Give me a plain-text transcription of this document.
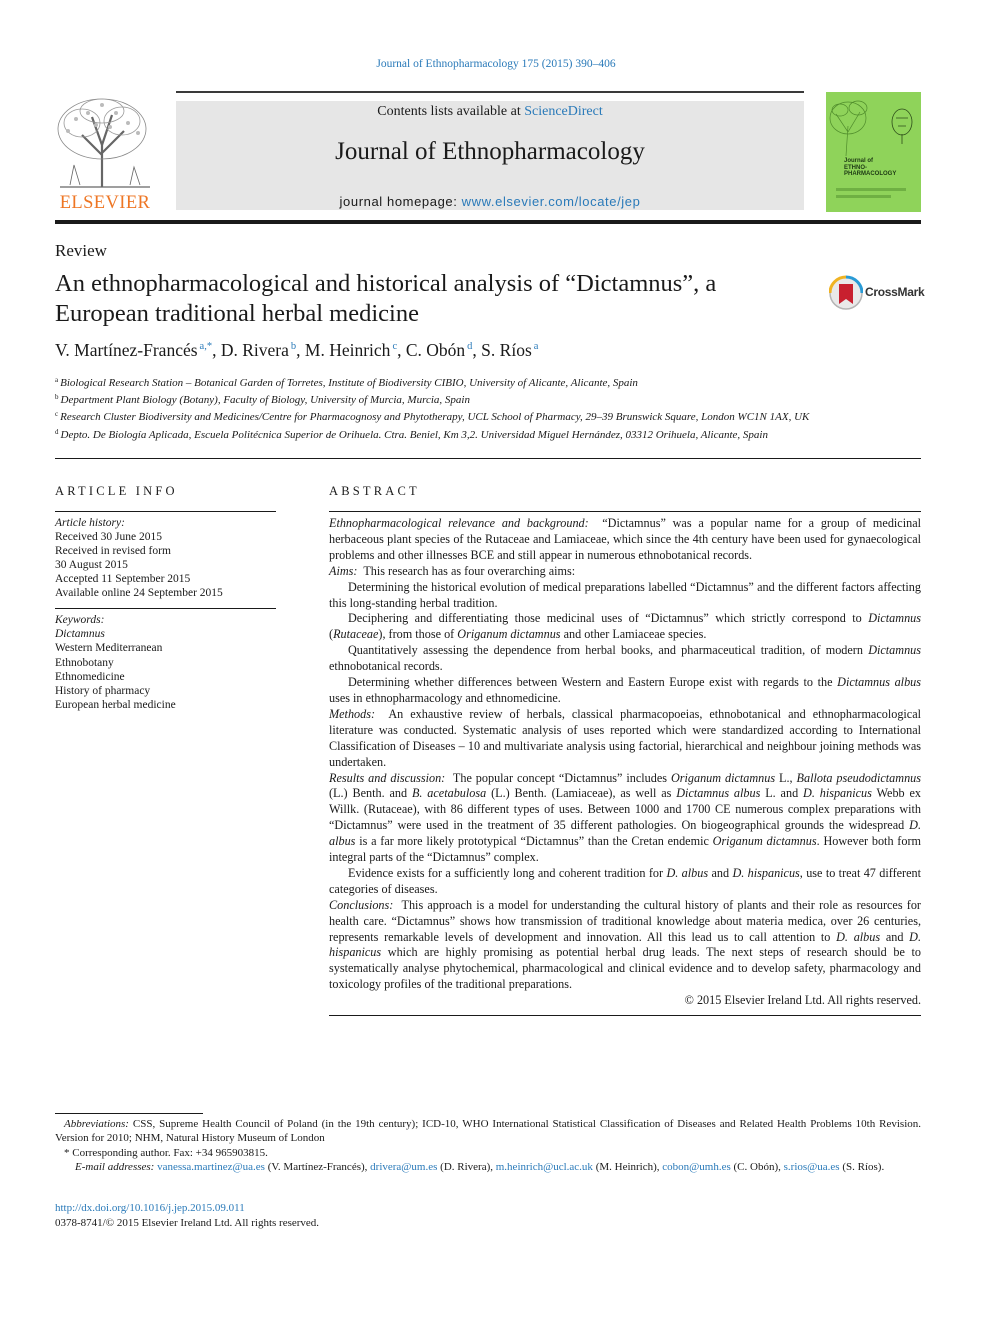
Journal of Ethnopharmacology 175 (2015) 390–406
ELSEVIER
Contents lists available at ScienceDirect
Journal of Ethnopharmacology
journal homepage: www.elsevier.com/locate/jep
Journal of
ETHNO-
PHARMACOLOGY
Review
An ethnopharmacological and historical analysis of “Dictamnus”, a European traditional herbal medicine
CrossMark
V. Martínez-Francés $^{a,*}$, D. Rivera $^b$, M. Heinrich $^c$, C. Obón $^d$, S. Ríos $^a$
$^a$ Biological Research Station – Botanical Garden of Torretes, Institute of Biodiversity CIBIO, University of Alicante, Alicante, Spain
$^b$ Department Plant Biology (Botany), Faculty of Biology, University of Murcia, Murcia, Spain
$^c$ Research Cluster Biodiversity and Medicines/Centre for Pharmacognosy and Phytotherapy, UCL School of Pharmacy, 29–39 Brunswick Square, London WC1N 1AX, UK
$^d$ Depto. De Biología Aplicada, Escuela Politécnica Superior de Orihuela. Ctra. Beniel, Km 3,2. Universidad Miguel Hernández, 03312 Orihuela, Alicante, Spain
ARTICLE INFO
Article history:
Received 30 June 2015
Received in revised form
30 August 2015
Accepted 11 September 2015
Available online 24 September 2015
Keywords:
Dictamnus
Western Mediterranean
Ethnobotany
Ethnomedicine
History of pharmacy
European herbal medicine
ABSTRACT

Ethnopharmacological relevance and background: “Dictamnus” was a popular name for a group of medicinal herbaceous plant species of the Rutaceae and Lamiaceae, which since the 4th century have been used for gynaecological problems and other illnesses BCE and still appear in numerous ethnobotanical records.

Aims: This research has as four overarching aims:

Determining the historical evolution of medical preparations labelled “Dictamnus” and the different factors affecting this long-standing herbal tradition.

Deciphering and differentiating those medicinal uses of “Dictamnus” which strictly correspond to Dictamnus (Rutaceae), from those of Origanum dictamnus and other Lamiaceae species.

Quantitatively assessing the dependence from herbal books, and pharmaceutical tradition, of modern Dictamnus ethnobotanical records.

Determining whether differences between Western and Eastern Europe exist with regards to the Dictamnus albus uses in ethnopharmacology and ethnomedicine.

Methods: An exhaustive review of herbals, classical pharmacopoeias, ethnobotanical and ethnopharmacological literature was conducted. Systematic analysis of uses reported which were standardized according to International Classification of Diseases – 10 and multivariate analysis using factorial, hierarchical and neighbour joining methods was undertaken.

Results and discussion: The popular concept “Dictamnus” includes Origanum dictamnus L., Ballota pseudodictamnus (L.) Benth. and B. acetabulosa (L.) Benth. (Lamiaceae), as well as Dictamnus albus L. and D. hispanicus Webb ex Willk. (Rutaceae), with 86 different types of uses. Between 1000 and 1700 CE numerous complex preparations with “Dictamnus” were used in the treatment of 35 different pathologies. On biogeographical grounds the widespread D. albus is a far more likely prototypical “Dictamnus” than the Cretan endemic Origanum dictamnus. However both form integral parts of the “Dictamnus” complex.

Evidence exists for a sufficiently long and coherent tradition for D. albus and D. hispanicus, use to treat 47 different categories of diseases.

Conclusions: This approach is a model for understanding the cultural history of plants and their role as resources for health care. “Dictamnus” shows how transmission of traditional knowledge about materia medica, over 26 centuries, represents remarkable levels of development and innovation. All this lead us to call attention to D. albus and D. hispanicus which are highly promising as potential herbal drug leads. The next steps of research should be to systematically analyse phytochemical, pharmacological and clinical evidence and to develop safety, pharmacology and toxicology profiles of the traditional preparations.

© 2015 Elsevier Ireland Ltd. All rights reserved.

Abbreviations: CSS, Supreme Health Council of Poland (in the 19th century); ICD-10, WHO International Statistical Classification of Diseases and Related Health Problems 10th Revision. Version for 2010; NHM, Natural History Museum of London
* Corresponding author. Fax: +34 965903815.
E-mail addresses: vanessa.martinez@ua.es (V. Martínez-Francés), drivera@um.es (D. Rivera), m.heinrich@ucl.ac.uk (M. Heinrich), cobon@umh.es (C. Obón), s.rios@ua.es (S. Ríos).
http://dx.doi.org/10.1016/j.jep.2015.09.011
0378-8741/© 2015 Elsevier Ireland Ltd. All rights reserved.
